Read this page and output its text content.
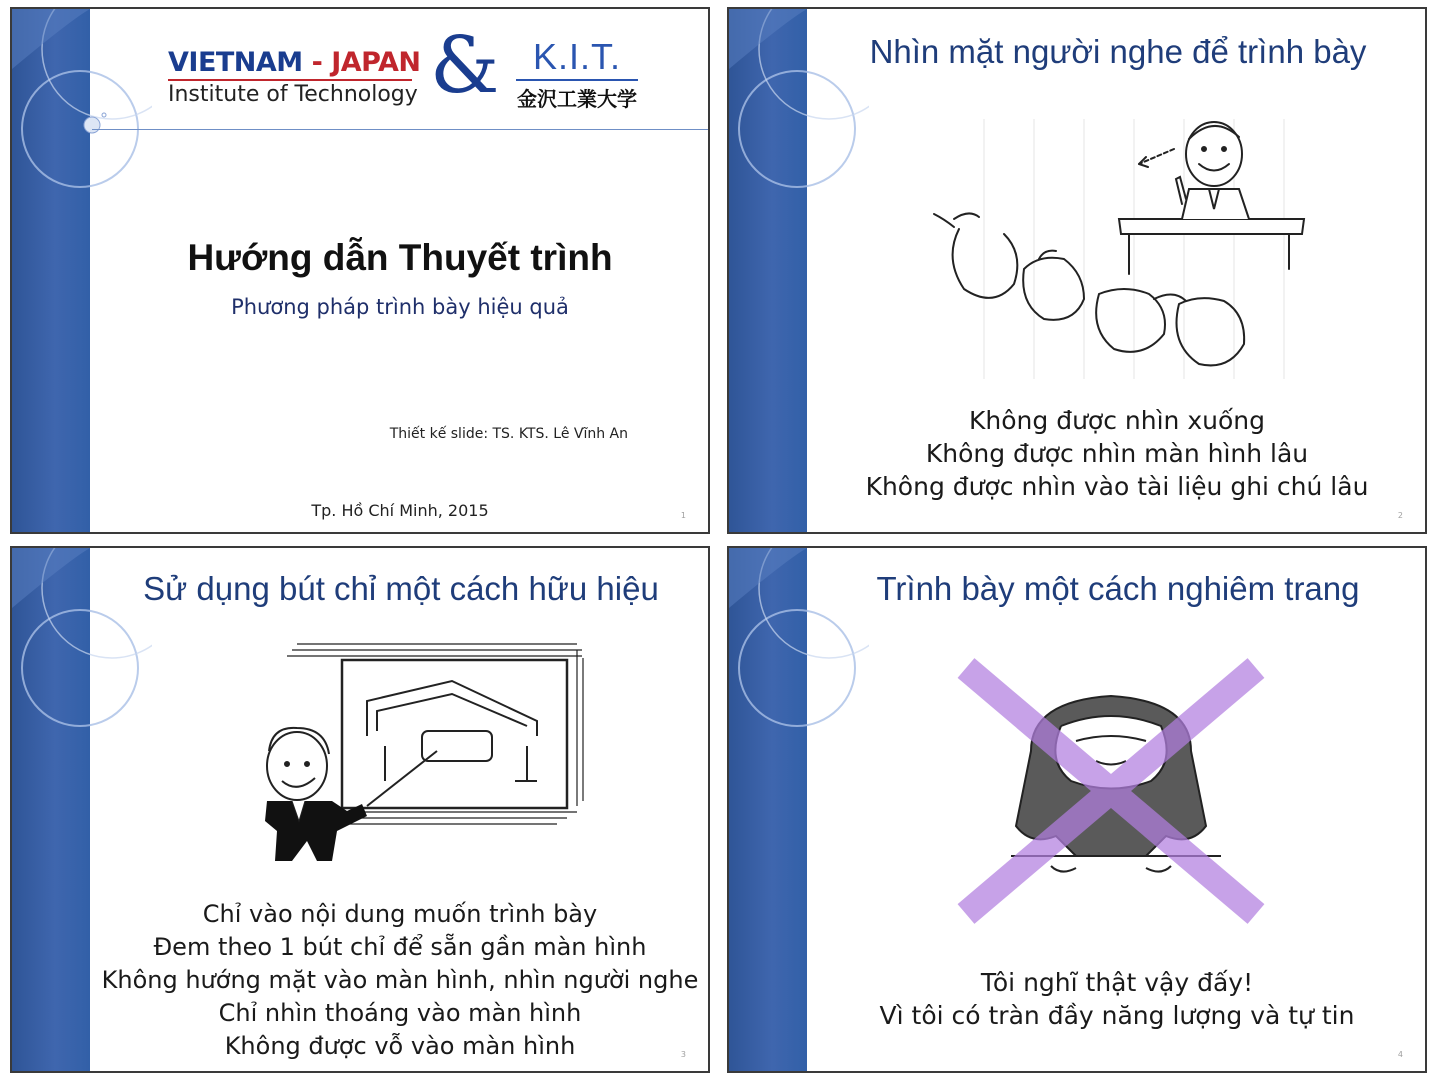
VIETNAM - JAPAN
Institute of Technology & K.I.T.
金沢工業大学
Hướng dẫn Thuyết trình
Phương pháp trình bày hiệu quả
Thiết kế slide: TS. KTS. Lê Vĩnh An
Tp. Hồ Chí Minh, 2015	1
Nhìn mặt người nghe để trình bày
Không được nhìn xuống
Không được nhìn màn hình lâu
Không được nhìn vào tài liệu ghi chú lâu
2
Sử dụng bút chỉ một cách hữu hiệu
Chỉ vào nội dung muốn trình bày
Đem theo 1 bút chỉ để sẵn gần màn hình
Không hướng mặt vào màn hình, nhìn người nghe
Chỉ nhìn thoáng vào màn hình
Không được vỗ vào màn hình	3
Trình bày một cách nghiêm trang
Tôi nghĩ thật vậy đấy!
Vì tôi có tràn đầy năng lượng và tự tin
4
